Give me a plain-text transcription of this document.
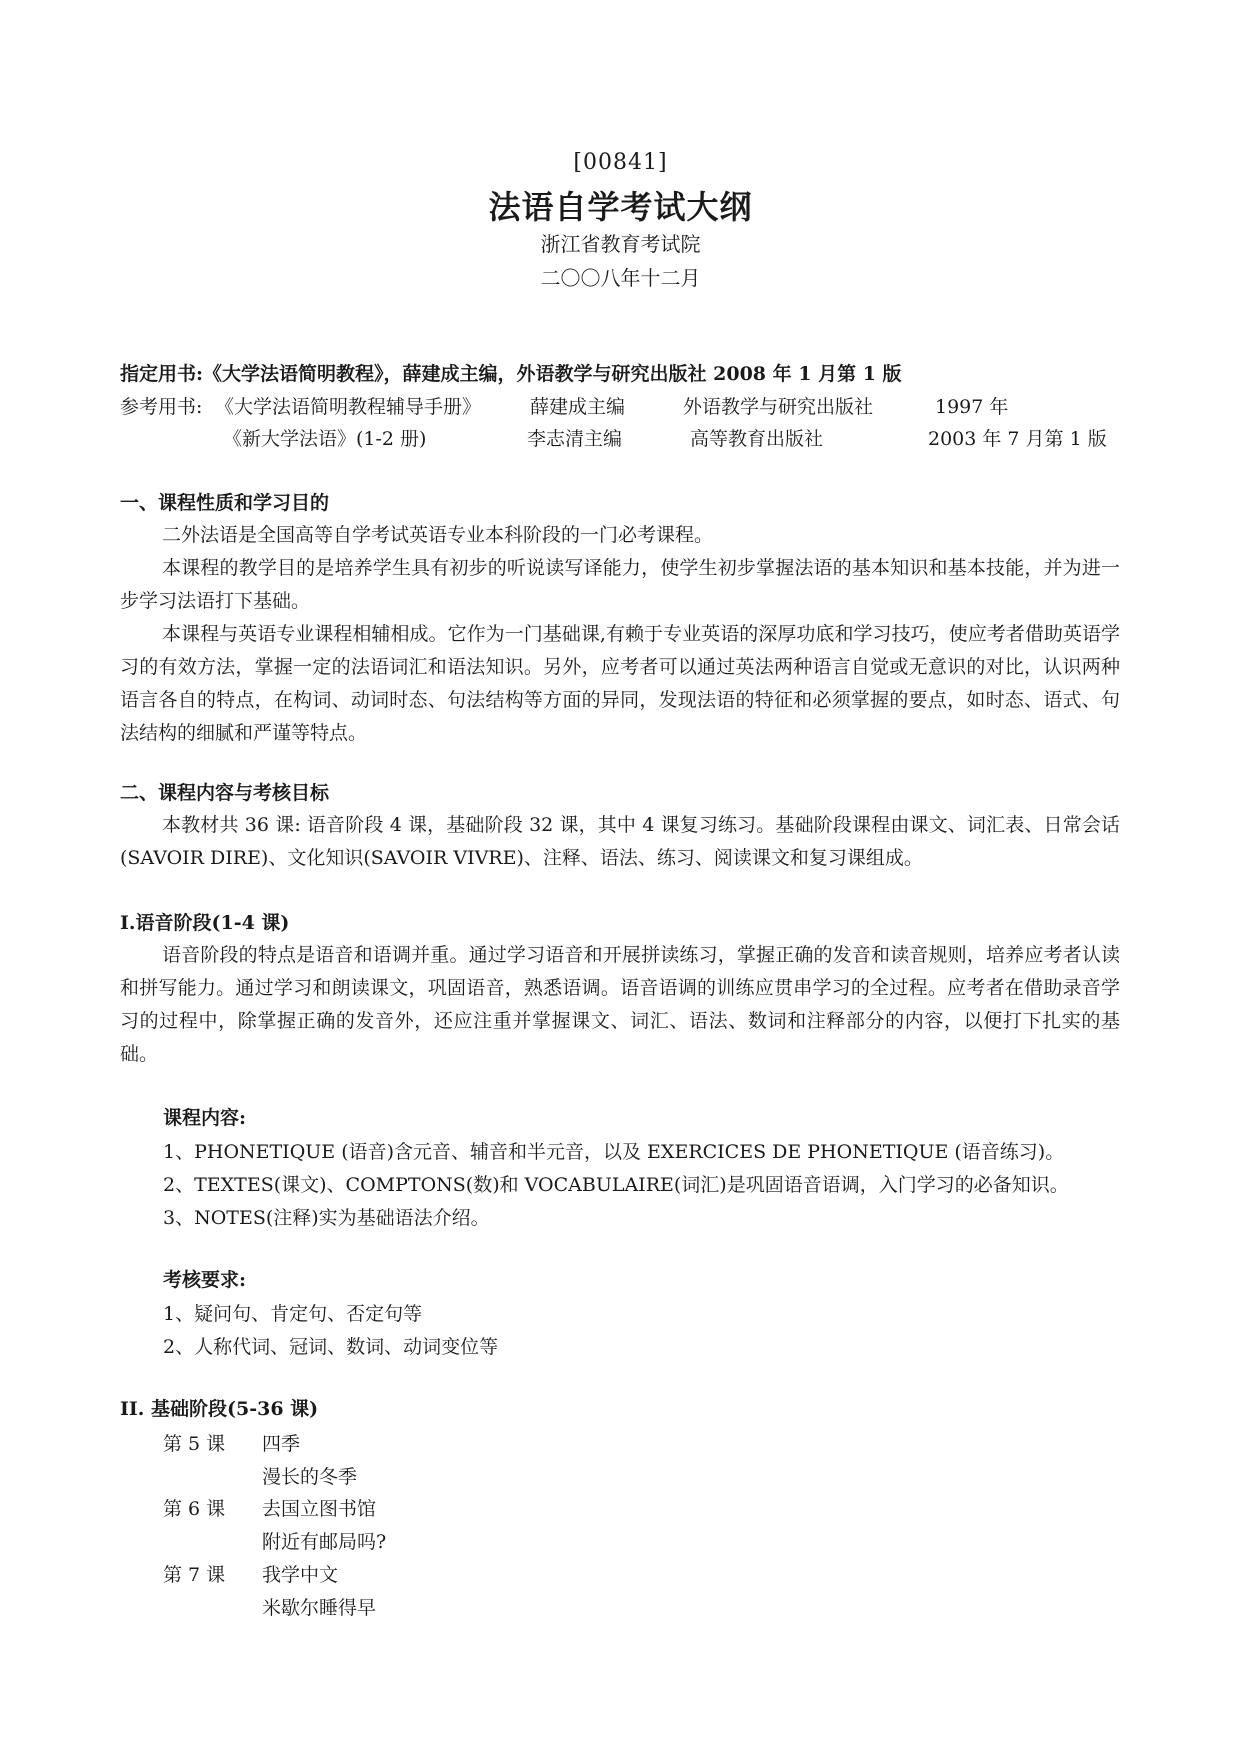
[00841]
法语自学考试大纲
浙江省教育考试院
二〇〇八年十二月
指定用书:《大学法语简明教程》，薛建成主编，外语教学与研究出版社 2008 年 1 月第 1 版
参考用书: 《大学法语简明教程辅导手册》	薛建成主编	外语教学与研究出版社	1997 年
《新大学法语》(1-2 册)	李志清主编	高等教育出版社	2003 年 7 月第 1 版
一、课程性质和学习目的
二外法语是全国高等自学考试英语专业本科阶段的一门必考课程。
本课程的教学目的是培养学生具有初步的听说读写译能力，使学生初步掌握法语的基本知识和基本技能，并为进一步学习法语打下基础。
本课程与英语专业课程相辅相成。它作为一门基础课,有赖于专业英语的深厚功底和学习技巧，使应考者借助英语学习的有效方法，掌握一定的法语词汇和语法知识。另外，应考者可以通过英法两种语言自觉或无意识的对比，认识两种语言各自的特点，在构词、动词时态、句法结构等方面的异同，发现法语的特征和必须掌握的要点，如时态、语式、句法结构的细腻和严谨等特点。
二、课程内容与考核目标
本教材共 36 课: 语音阶段 4 课，基础阶段 32 课，其中 4 课复习练习。基础阶段课程由课文、词汇表、日常会话(SAVOIR DIRE)、文化知识(SAVOIR VIVRE)、注释、语法、练习、阅读课文和复习课组成。
I.语音阶段(1-4 课)
语音阶段的特点是语音和语调并重。通过学习语音和开展拼读练习，掌握正确的发音和读音规则，培养应考者认读和拼写能力。通过学习和朗读课文，巩固语音，熟悉语调。语音语调的训练应贯串学习的全过程。应考者在借助录音学习的过程中，除掌握正确的发音外，还应注重并掌握课文、词汇、语法、数词和注释部分的内容，以便打下扎实的基础。
课程内容:
1、PHONETIQUE (语音)含元音、辅音和半元音，以及 EXERCICES DE PHONETIQUE (语音练习)。
2、TEXTES(课文)、COMPTONS(数)和 VOCABULAIRE(词汇)是巩固语音语调，入门学习的必备知识。
3、NOTES(注释)实为基础语法介绍。
考核要求:
1、疑问句、肯定句、否定句等
2、人称代词、冠词、数词、动词变位等
II. 基础阶段(5-36 课)
第 5 课 四季
漫长的冬季
第 6 课 去国立图书馆
附近有邮局吗?
第 7 课 我学中文
米歇尔睡得早
